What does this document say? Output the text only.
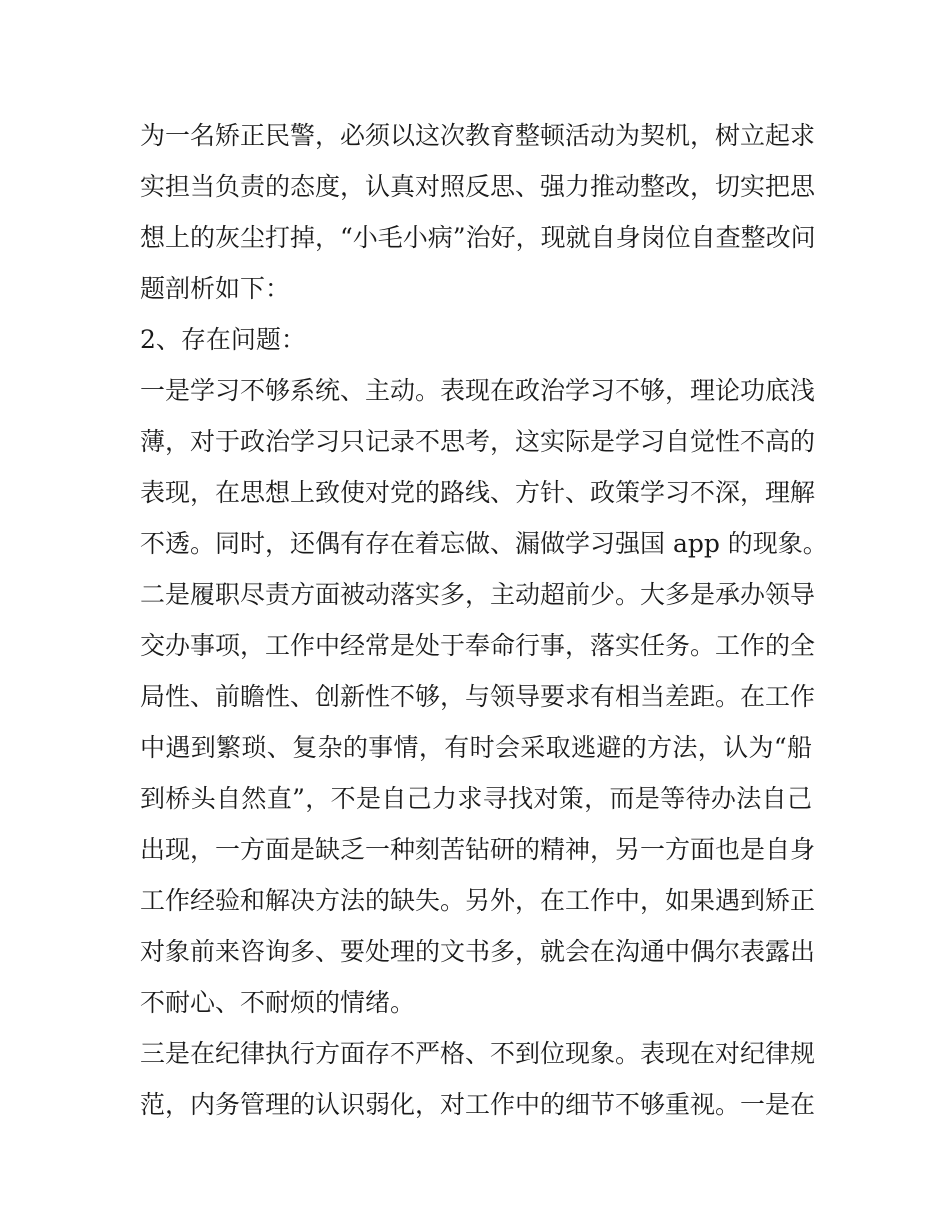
为一名矫正民警，必须以这次教育整顿活动为契机，树立起求
实担当负责的态度，认真对照反思、强力推动整改，切实把思
想上的灰尘打掉，“小毛小病”治好，现就自身岗位自查整改问
题剖析如下：
2、存在问题：
一是学习不够系统、主动。表现在政治学习不够，理论功底浅
薄，对于政治学习只记录不思考，这实际是学习自觉性不高的
表现，在思想上致使对党的路线、方针、政策学习不深，理解
不透。同时，还偶有存在着忘做、漏做学习强国 app 的现象。
二是履职尽责方面被动落实多，主动超前少。大多是承办领导
交办事项，工作中经常是处于奉命行事，落实任务。工作的全
局性、前瞻性、创新性不够，与领导要求有相当差距。在工作
中遇到繁琐、复杂的事情，有时会采取逃避的方法，认为“船
到桥头自然直”，不是自己力求寻找对策，而是等待办法自己
出现，一方面是缺乏一种刻苦钻研的精神，另一方面也是自身
工作经验和解决方法的缺失。另外，在工作中，如果遇到矫正
对象前来咨询多、要处理的文书多，就会在沟通中偶尔表露出
不耐心、不耐烦的情绪。
三是在纪律执行方面存不严格、不到位现象。表现在对纪律规
范，内务管理的认识弱化，对工作中的细节不够重视。一是在
